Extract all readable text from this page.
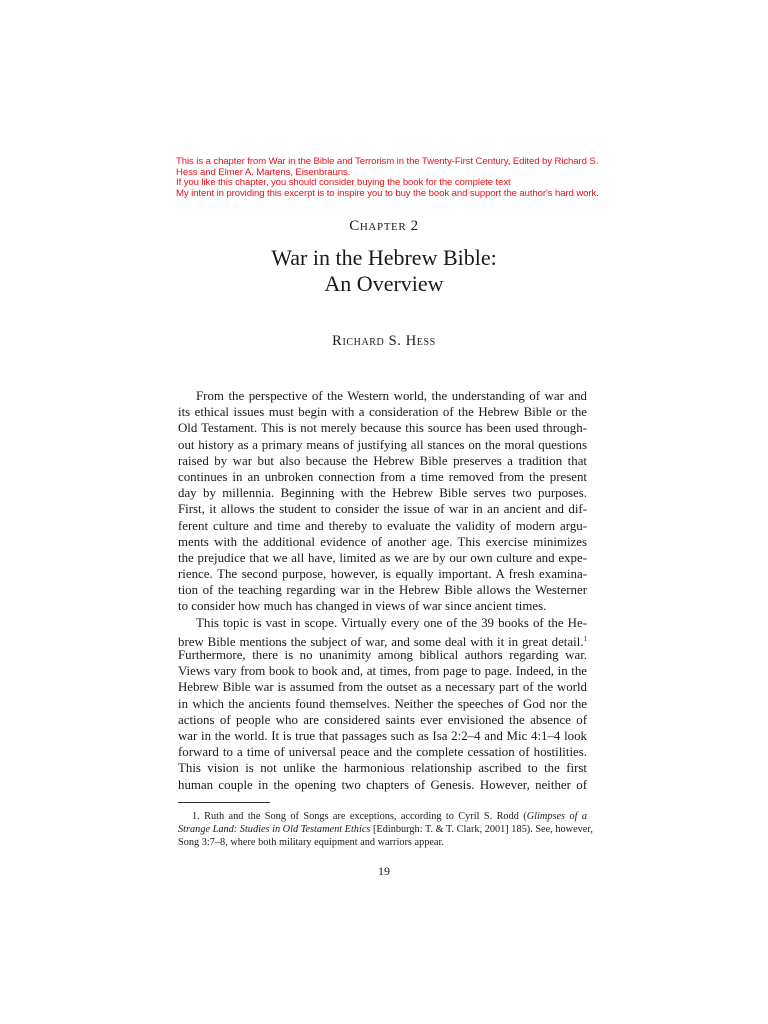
This is a chapter from War in the Bible and Terrorism in the Twenty-First Century, Edited by Richard S.
Hess and Elmer A. Martens, Eisenbrauns.
If you like this chapter, you should consider buying the book for the complete text
My intent in providing this excerpt is to inspire you to buy the book and support the author's hard work.
Chapter 2
War in the Hebrew Bible:
An Overview
Richard S. Hess
From the perspective of the Western world, the understanding of war and
its ethical issues must begin with a consideration of the Hebrew Bible or the
Old Testament. This is not merely because this source has been used through-
out history as a primary means of justifying all stances on the moral questions
raised by war but also because the Hebrew Bible preserves a tradition that
continues in an unbroken connection from a time removed from the present
day by millennia. Beginning with the Hebrew Bible serves two purposes.
First, it allows the student to consider the issue of war in an ancient and dif-
ferent culture and time and thereby to evaluate the validity of modern argu-
ments with the additional evidence of another age. This exercise minimizes
the prejudice that we all have, limited as we are by our own culture and expe-
rience. The second purpose, however, is equally important. A fresh examina-
tion of the teaching regarding war in the Hebrew Bible allows the Westerner
to consider how much has changed in views of war since ancient times.
This topic is vast in scope. Virtually every one of the 39 books of the He-
brew Bible mentions the subject of war, and some deal with it in great detail.$^1$
Furthermore, there is no unanimity among biblical authors regarding war.
Views vary from book to book and, at times, from page to page. Indeed, in the
Hebrew Bible war is assumed from the outset as a necessary part of the world
in which the ancients found themselves. Neither the speeches of God nor the
actions of people who are considered saints ever envisioned the absence of
war in the world. It is true that passages such as Isa 2:2–4 and Mic 4:1–4 look
forward to a time of universal peace and the complete cessation of hostilities.
This vision is not unlike the harmonious relationship ascribed to the first
human couple in the opening two chapters of Genesis. However, neither of
1. Ruth and the Song of Songs are exceptions, according to Cyril S. Rodd (Glimpses of a
Strange Land: Studies in Old Testament Ethics [Edinburgh: T. & T. Clark, 2001] 185). See, however,
Song 3:7–8, where both military equipment and warriors appear.
19
